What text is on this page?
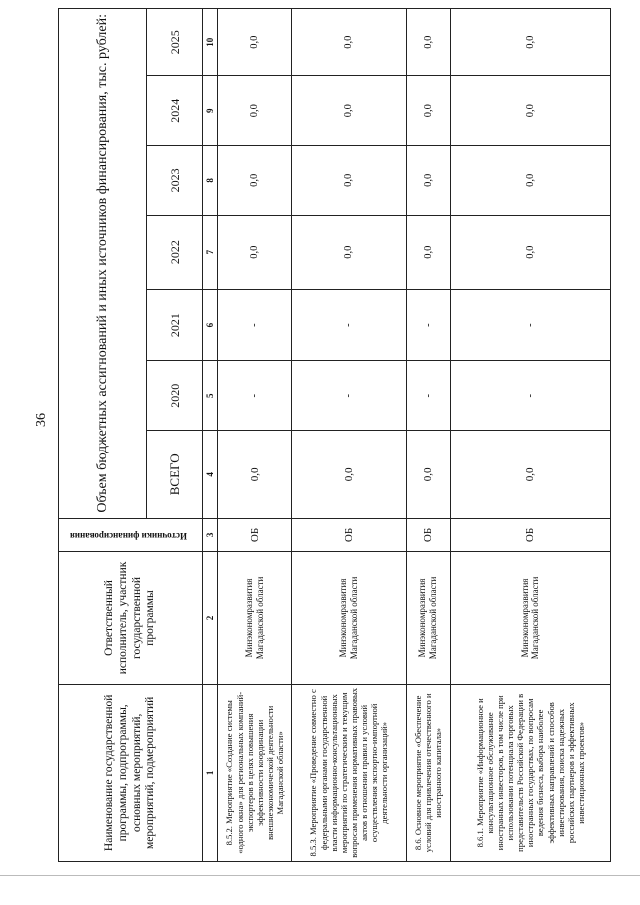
36
Наименование государственной программы, подпрограммы, основных мероприятий, мероприятий, подмероприятий	Ответственный исполнитель, участник государственной программы	Источники финансирования	Объем бюджетных ассигнований и иных источников финансирования, тыс. рублей:						
			ВСЕГО	2020	2021	2022	2023	2024	2025
1	2	3	4	5	6	7	8	9	10
8.5.2. Мероприятие «Создание системы «одного окна» для региональных компаний-экспортеров в целях повышения эффективности координации внешнеэкономической деятельности Магаданской области»	Минэкономразвития Магаданской области	ОБ	0,0	-	-	0,0	0,0	0,0	0,0
8.5.3. Мероприятие «Проведение совместно с федеральными органами государственной власти информационно-консультационных мероприятий по стратегическим и текущим вопросам применения нормативных правовых актов в отношении правил и условий осуществления экспортно-импортной деятельности организаций»	Минэкономразвития Магаданской области	ОБ	0,0	-	-	0,0	0,0	0,0	0,0
8.6. Основное мероприятие «Обеспечение условий для привлечения отечественного и иностранного капитала»	Минэкономразвития Магаданской области	ОБ	0,0	-	-	0,0	0,0	0,0	0,0
8.6.1. Мероприятие «Информационное и консультационное обслуживание иностранных инвесторов, в том числе при использовании потенциала торговых представительств Российской Федерации в иностранных государствах, по вопросам ведения бизнеса, выбора наиболее эффективных направлений и способов инвестирования, поиска надежных российских партнеров и эффективных инвестиционных проектов»	Минэкономразвития Магаданской области	ОБ	0,0	-	-	0,0	0,0	0,0	0,0
